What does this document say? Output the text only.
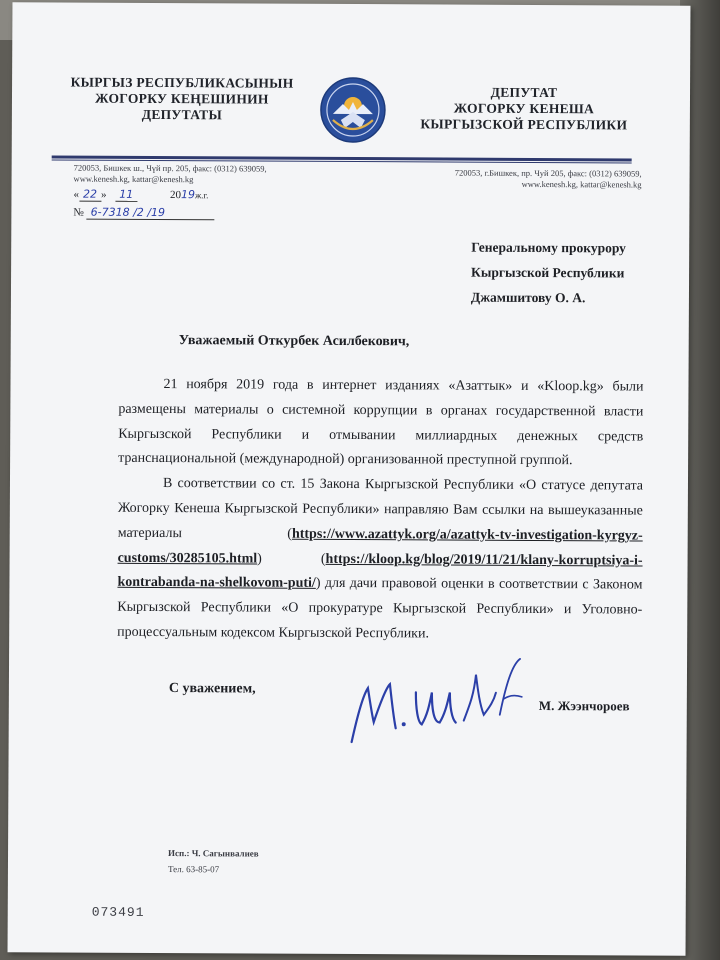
КЫРГЫЗ РЕСПУБЛИКАСЫНЫН
ЖОГОРКУ КЕҢЕШИНИН
ДЕПУТАТЫ
ДЕПУТАТ
ЖОГОРКУ КЕНЕША
КЫРГЫЗСКОЙ РЕСПУБЛИКИ
720053, Бишкек ш., Чүй пр. 205, факс: (0312) 639059,
www.kenesh.kg, kattar@kenesh.kg
720053, г.Бишкек, пр. Чуй 205, факс: (0312) 639059,
www.kenesh.kg, kattar@kenesh.kg
« 22 » 11	2019ж.г.
№ 6-7318 /2 /19
Генеральному прокурору
Кыргызской Республики
Джамшитову О. А.
Уважаемый Откурбек Асилбекович,

21 ноября 2019 года в интернет изданиях «Азаттык» и «Kloop.kg» были размещены материалы о системной коррупции в органах государственной власти Кыргызской Республики и отмывании миллиардных денежных средств транснациональной (международной) организованной преступной группой.

В соответствии со ст. 15 Закона Кыргызской Республики «О статусе депутата Жогорку Кенеша Кыргызской Республики» направляю Вам ссылки на вышеуказанные материалы (https://www.azattyk.org/a/azattyk-tv-investigation-kyrgyz-customs/30285105.html) (https://kloop.kg/blog/2019/11/21/klany-korruptsiya-i-kontrabanda-na-shelkovom-puti/) для дачи правовой оценки в соответствии с Законом Кыргызской Республики «О прокуратуре Кыргызской Республики» и Уголовно-процессуальным кодексом Кыргызской Республики.

С уважением,
М. Жээнчороев
Исп.: Ч. Сагынвалиев
Тел. 63-85-07
073491
